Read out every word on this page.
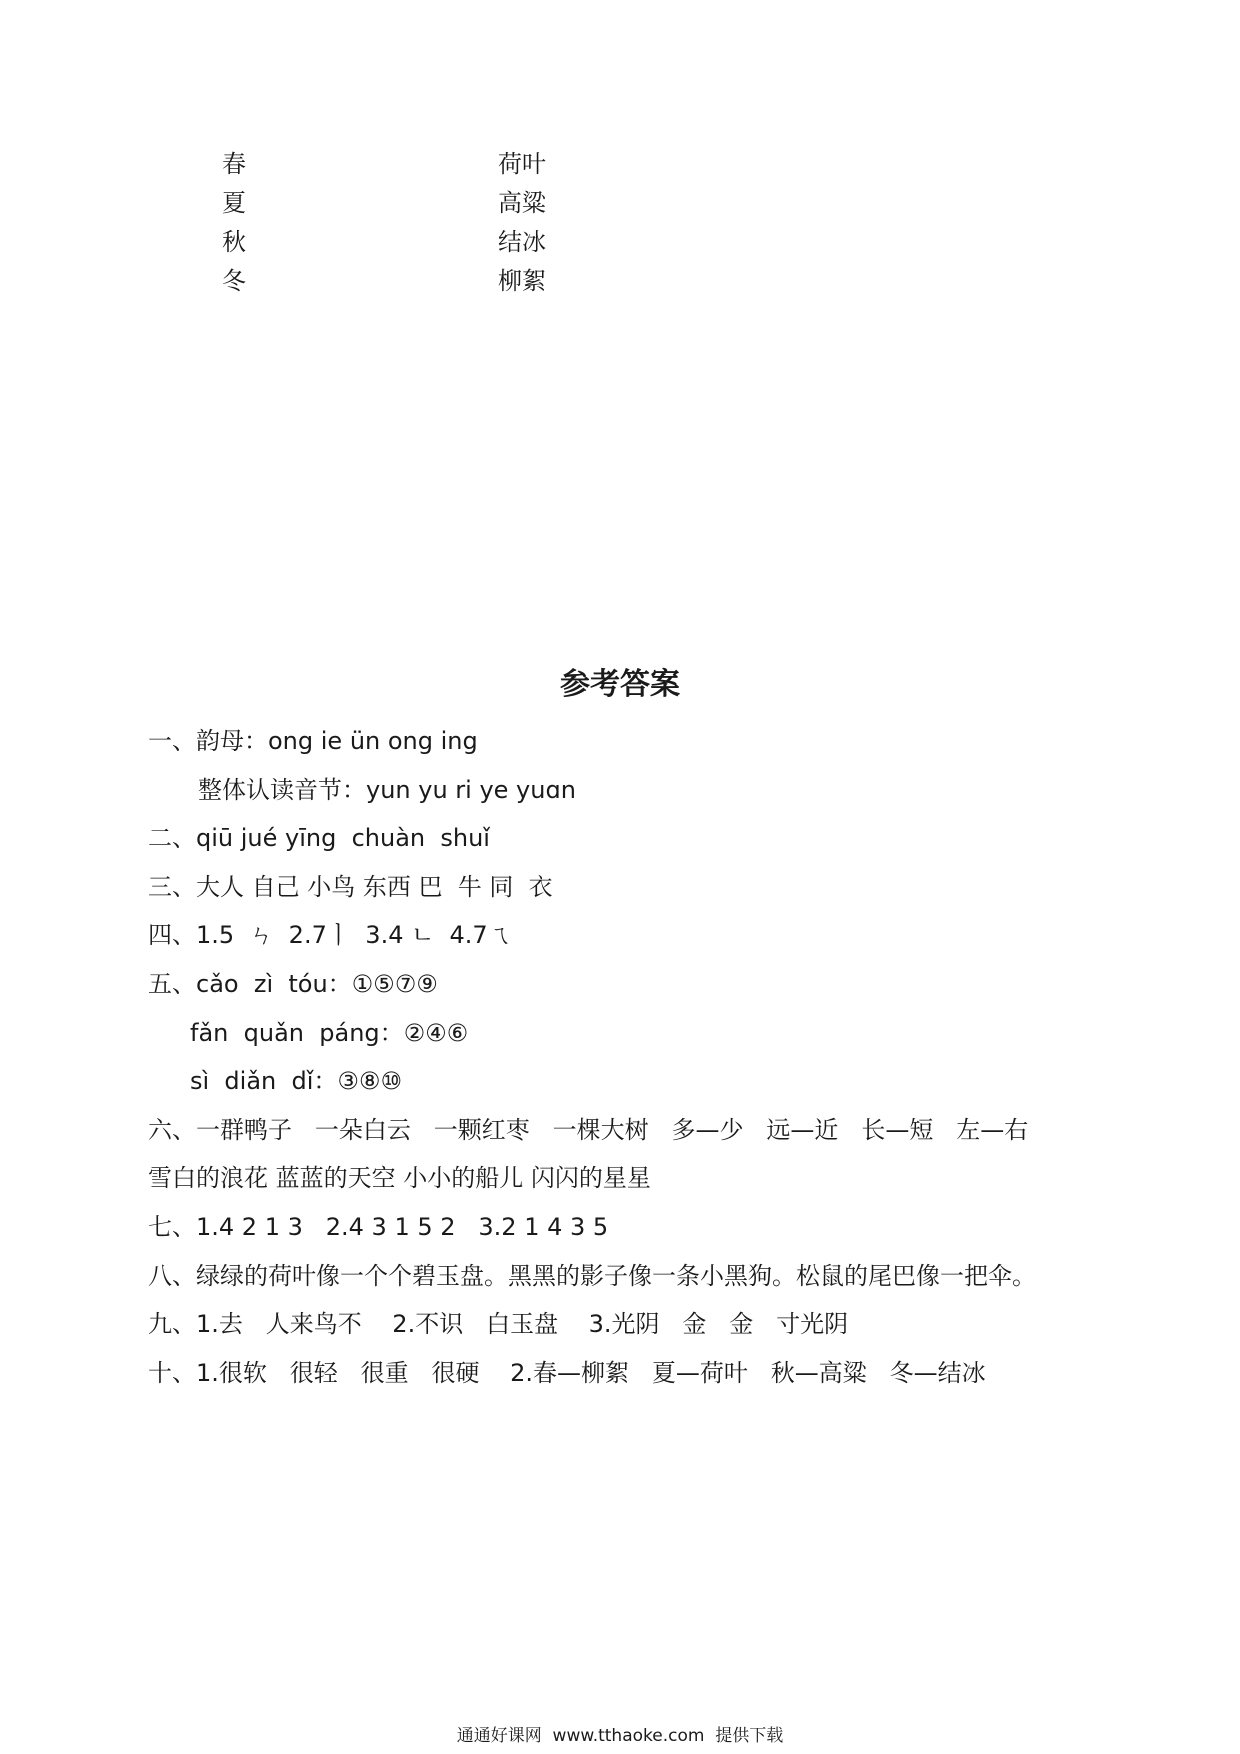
春
夏
秋
冬
荷叶
高粱
结冰
柳絮
参考答案
一、韵母：ong ie ün ong ing
整体认读音节：yun yu ri ye yuɑn
二、qiū jué yīng  chuàn  shuǐ
三、大人 自己 小鸟 东西 巴  牛 同  衣
四、1.5  ㄣ  2.7ㅣ  3.4 ㄴ  4.7ㄟ
五、cǎo  zì  tóu：①⑤⑦⑨
fǎn  quǎn  páng：②④⑥
sì  diǎn  dǐ：③⑧⑩
六、一群鸭子   一朵白云   一颗红枣   一棵大树   多—少   远—近   长—短   左—右
雪白的浪花 蓝蓝的天空 小小的船儿 闪闪的星星
七、1.4 2 1 3   2.4 3 1 5 2   3.2 1 4 3 5
八、绿绿的荷叶像一个个碧玉盘。黑黑的影子像一条小黑狗。松鼠的尾巴像一把伞。
九、1.去   人来鸟不    2.不识   白玉盘    3.光阴   金   金   寸光阴
十、1.很软   很轻   很重   很硬    2.春—柳絮   夏—荷叶   秋—高粱   冬—结冰
通通好课网  www.tthaoke.com  提供下载
